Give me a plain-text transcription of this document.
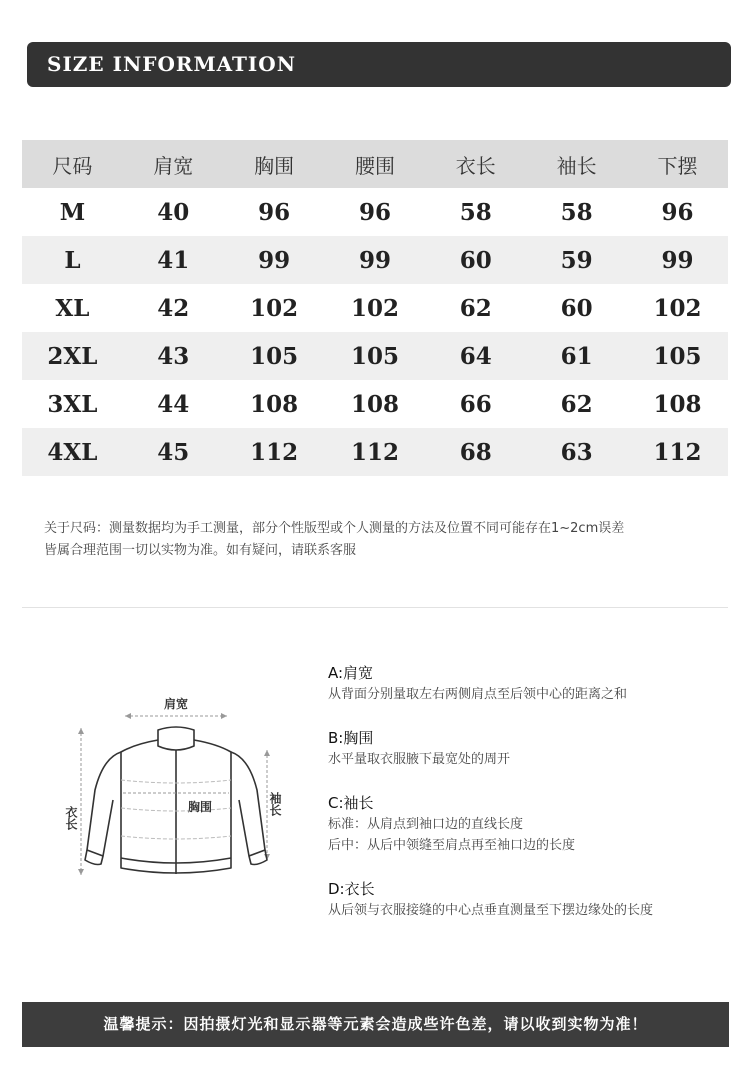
SIZE INFORMATION
尺码	肩宽	胸围	腰围	衣长	袖长	下摆
M	40	96	96	58	58	96
L	41	99	99	60	59	99
XL	42	102	102	62	60	102
2XL	43	105	105	64	61	105
3XL	44	108	108	66	62	108
4XL	45	112	112	68	63	112
关于尺码：测量数据均为手工测量，部分个性版型或个人测量的方法及位置不同可能存在1~2cm误差
皆属合理范围一切以实物为准。如有疑问，请联系客服
肩宽
衣长
袖长
胸围
A:肩宽
从背面分别量取左右两侧肩点至后领中心的距离之和
B:胸围
水平量取衣服腋下最宽处的周开
C:袖长
标准：从肩点到袖口边的直线长度
后中：从后中领缝至肩点再至袖口边的长度
D:衣长
从后领与衣服接缝的中心点垂直测量至下摆边缘处的长度
温馨提示：因拍摄灯光和显示器等元素会造成些许色差，请以收到实物为准！
